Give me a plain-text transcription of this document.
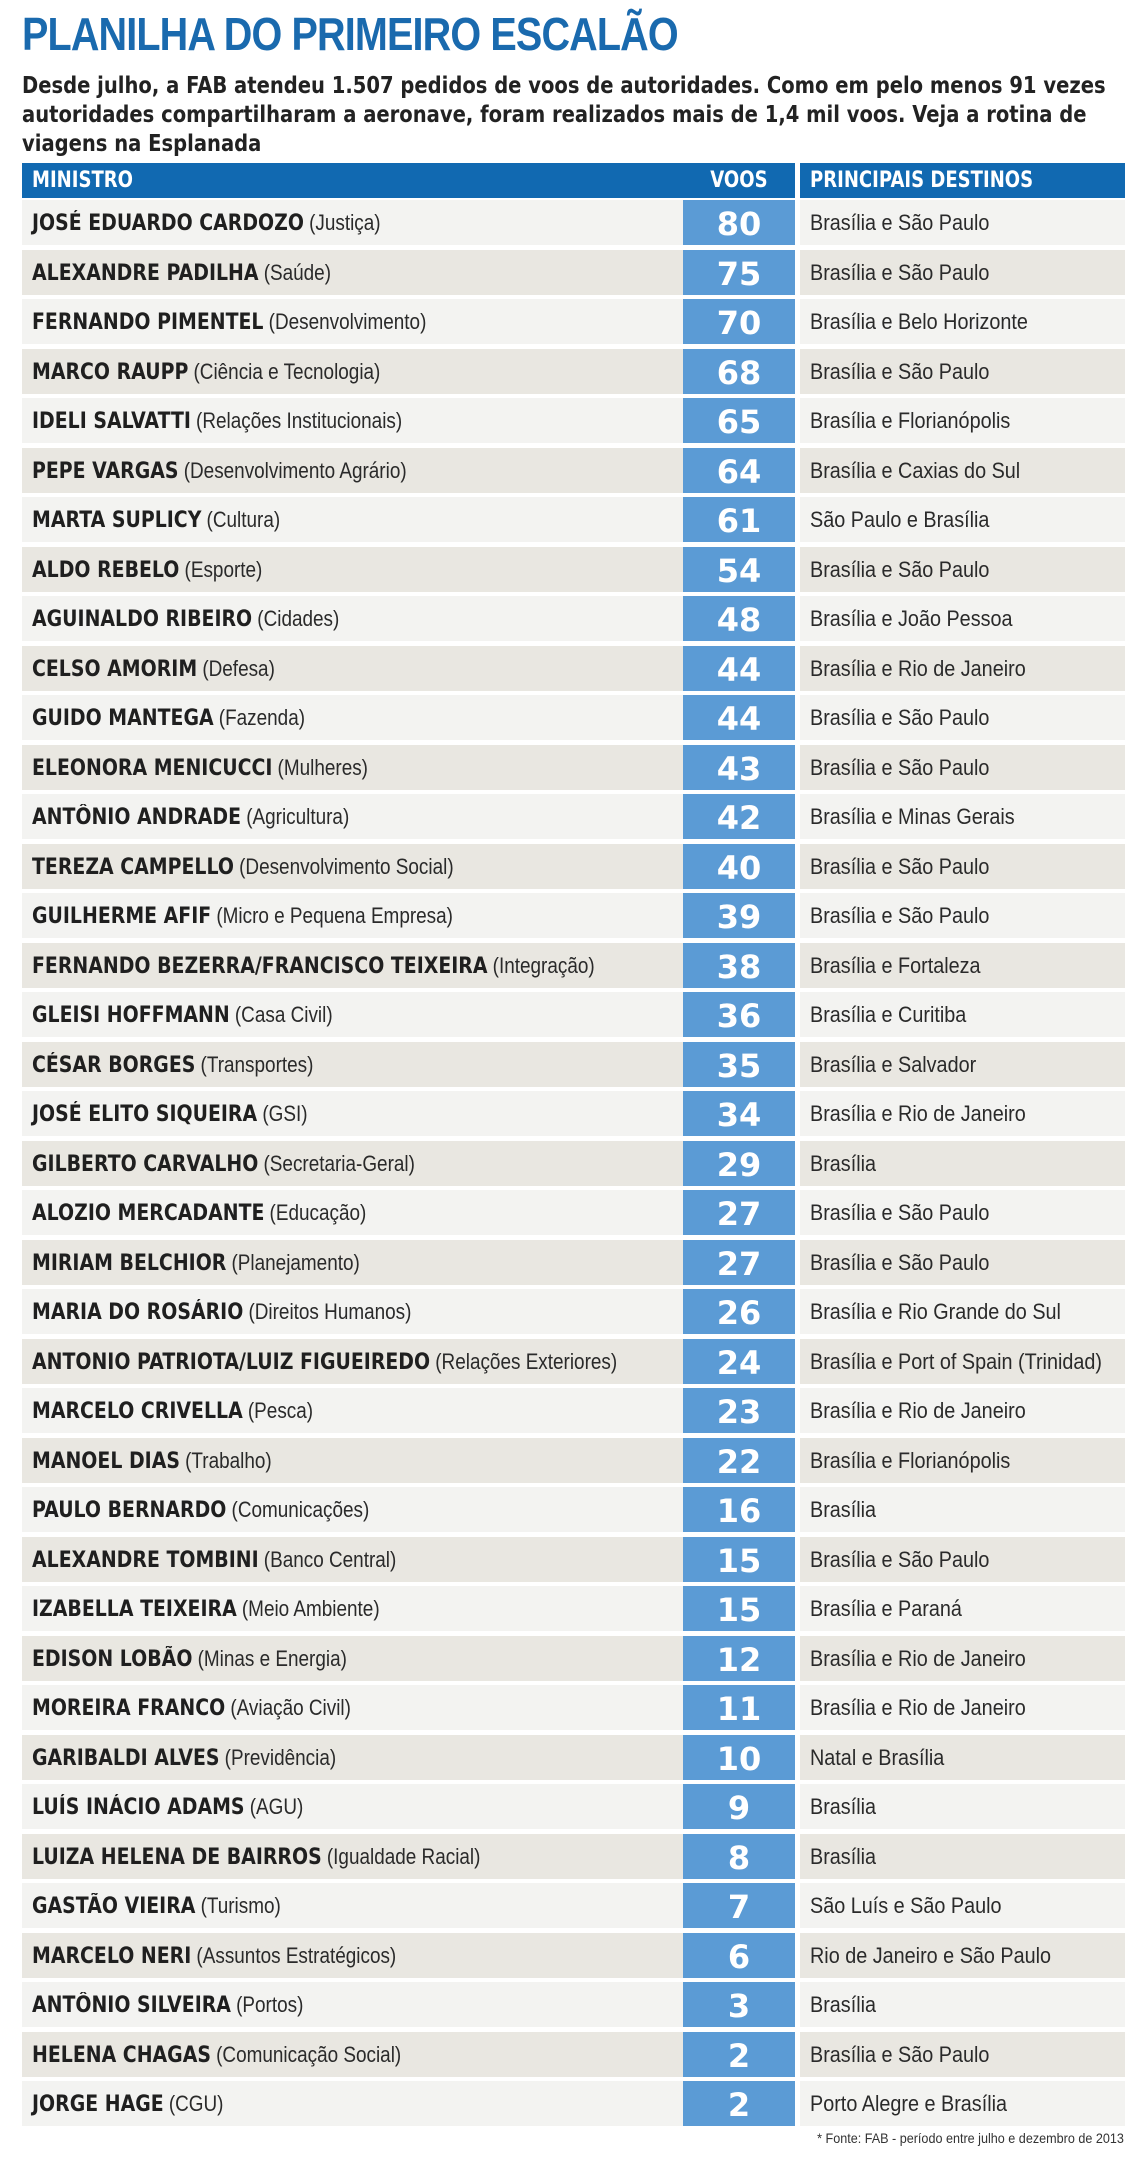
PLANILHA DO PRIMEIRO ESCALÃO
Desde julho, a FAB atendeu 1.507 pedidos de voos de autoridades. Como em pelo menos 91 vezes autoridades compartilharam a aeronave, foram realizados mais de 1,4 mil voos. Veja a rotina de viagens na Esplanada
MINISTRO	VOOS	PRINCIPAIS DESTINOS
JOSÉ EDUARDO CARDOZO (Justiça)	80	Brasília e São Paulo
ALEXANDRE PADILHA (Saúde)	75	Brasília e São Paulo
FERNANDO PIMENTEL (Desenvolvimento)	70	Brasília e Belo Horizonte
MARCO RAUPP (Ciência e Tecnologia)	68	Brasília e São Paulo
IDELI SALVATTI (Relações Institucionais)	65	Brasília e Florianópolis
PEPE VARGAS (Desenvolvimento Agrário)	64	Brasília e Caxias do Sul
MARTA SUPLICY (Cultura)	61	São Paulo e Brasília
ALDO REBELO (Esporte)	54	Brasília e São Paulo
AGUINALDO RIBEIRO (Cidades)	48	Brasília e João Pessoa
CELSO AMORIM (Defesa)	44	Brasília e Rio de Janeiro
GUIDO MANTEGA (Fazenda)	44	Brasília e São Paulo
ELEONORA MENICUCCI (Mulheres)	43	Brasília e São Paulo
ANTÔNIO ANDRADE (Agricultura)	42	Brasília e Minas Gerais
TEREZA CAMPELLO (Desenvolvimento Social)	40	Brasília e São Paulo
GUILHERME AFIF (Micro e Pequena Empresa)	39	Brasília e São Paulo
FERNANDO BEZERRA/FRANCISCO TEIXEIRA (Integração)	38	Brasília e Fortaleza
GLEISI HOFFMANN (Casa Civil)	36	Brasília e Curitiba
CÉSAR BORGES (Transportes)	35	Brasília e Salvador
JOSÉ ELITO SIQUEIRA (GSI)	34	Brasília e Rio de Janeiro
GILBERTO CARVALHO (Secretaria-Geral)	29	Brasília
ALOZIO MERCADANTE (Educação)	27	Brasília e São Paulo
MIRIAM BELCHIOR (Planejamento)	27	Brasília e São Paulo
MARIA DO ROSÁRIO (Direitos Humanos)	26	Brasília e Rio Grande do Sul
ANTONIO PATRIOTA/LUIZ FIGUEIREDO (Relações Exteriores)	24	Brasília e Port of Spain (Trinidad)
MARCELO CRIVELLA (Pesca)	23	Brasília e Rio de Janeiro
MANOEL DIAS (Trabalho)	22	Brasília e Florianópolis
PAULO BERNARDO (Comunicações)	16	Brasília
ALEXANDRE TOMBINI (Banco Central)	15	Brasília e São Paulo
IZABELLA TEIXEIRA (Meio Ambiente)	15	Brasília e Paraná
EDISON LOBÃO (Minas e Energia)	12	Brasília e Rio de Janeiro
MOREIRA FRANCO (Aviação Civil)	11	Brasília e Rio de Janeiro
GARIBALDI ALVES (Previdência)	10	Natal e Brasília
LUÍS INÁCIO ADAMS (AGU)	9	Brasília
LUIZA HELENA DE BAIRROS (Igualdade Racial)	8	Brasília
GASTÃO VIEIRA (Turismo)	7	São Luís e São Paulo
MARCELO NERI (Assuntos Estratégicos)	6	Rio de Janeiro e São Paulo
ANTÔNIO SILVEIRA (Portos)	3	Brasília
HELENA CHAGAS (Comunicação Social)	2	Brasília e São Paulo
JORGE HAGE (CGU)	2	Porto Alegre e Brasília
* Fonte: FAB - período entre julho e dezembro de 2013
